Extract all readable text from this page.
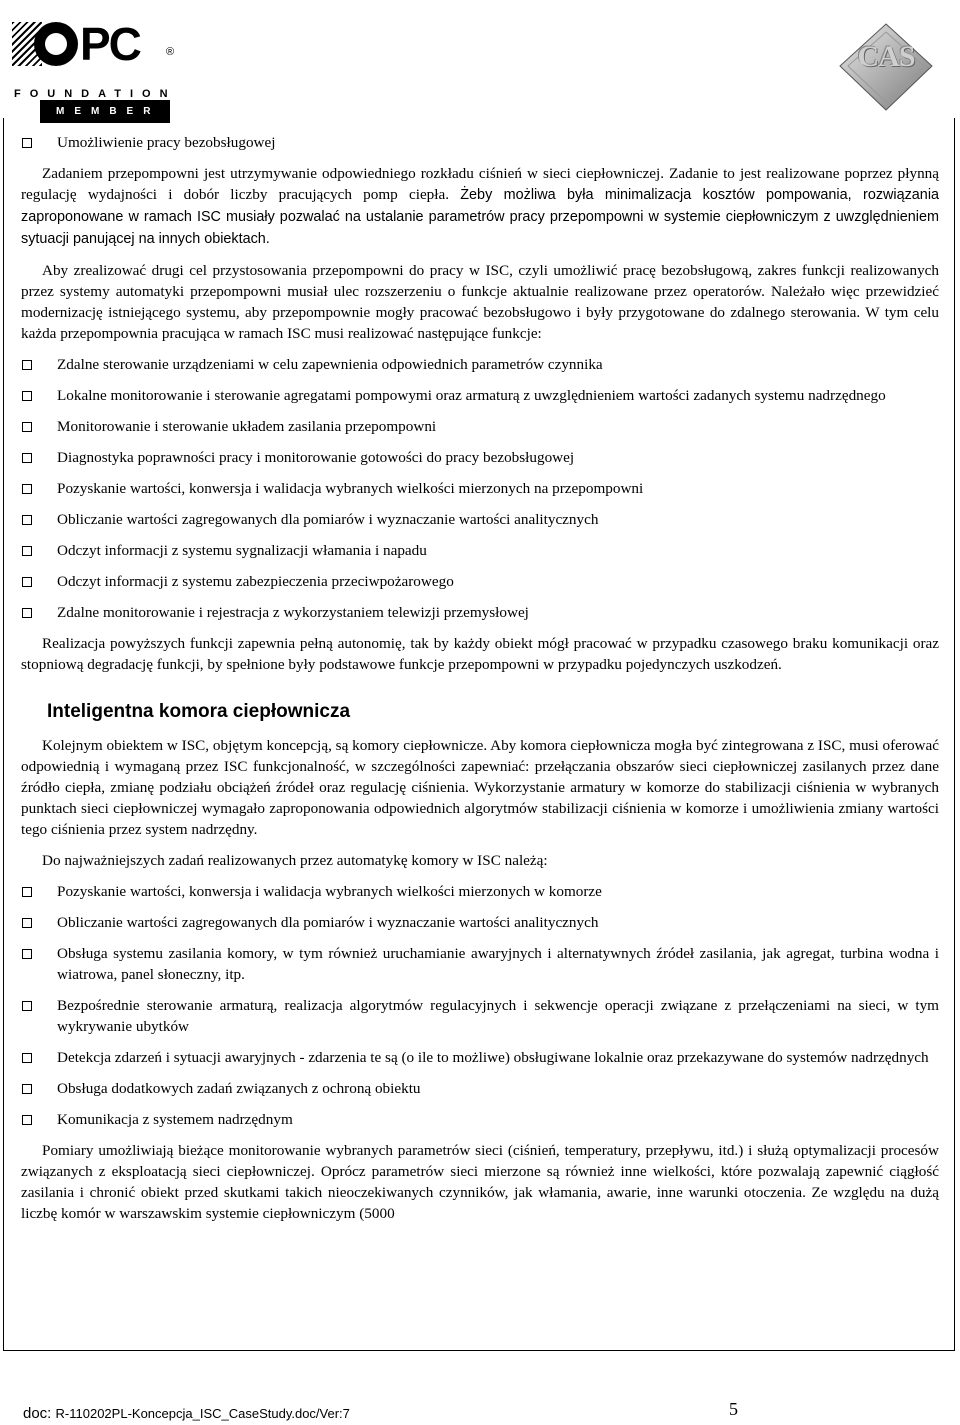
PC ®
FOUNDATION
MEMBER
CAS

Umożliwienie pracy bezobsługowej

Zadaniem przepompowni jest utrzymywanie odpowiedniego rozkładu ciśnień w sieci ciepłowniczej. Zadanie to jest realizowane poprzez płynną regulację wydajności i dobór liczby pracujących pomp ciepła. Żeby możliwa była minimalizacja kosztów pompowania, rozwiązania zaproponowane w ramach ISC musiały pozwalać na ustalanie parametrów pracy przepompowni w systemie ciepłowniczym z uwzględnieniem sytuacji panującej na innych obiektach.

Aby zrealizować drugi cel przystosowania przepompowni do pracy w ISC, czyli umożliwić pracę bezobsługową, zakres funkcji realizowanych przez systemy automatyki przepompowni musiał ulec rozszerzeniu o funkcje aktualnie realizowane przez operatorów. Należało więc przewidzieć modernizację istniejącego systemu, aby przepompownie mogły pracować bezobsługowo i były przygotowane do zdalnego sterowania. W tym celu każda przepompownia pracująca w ramach ISC musi realizować następujące funkcje:

Zdalne sterowanie urządzeniami w celu zapewnienia odpowiednich parametrów czynnika

Lokalne monitorowanie i sterowanie agregatami pompowymi oraz armaturą z uwzględnieniem wartości zadanych systemu nadrzędnego

Monitorowanie i sterowanie układem zasilania przepompowni

Diagnostyka poprawności pracy i monitorowanie gotowości do pracy bezobsługowej

Pozyskanie wartości, konwersja i walidacja wybranych wielkości mierzonych na przepompowni

Obliczanie wartości zagregowanych dla pomiarów i wyznaczanie wartości analitycznych

Odczyt informacji z systemu sygnalizacji włamania i napadu

Odczyt informacji z systemu zabezpieczenia przeciwpożarowego

Zdalne monitorowanie i rejestracja z wykorzystaniem telewizji przemysłowej

Realizacja powyższych funkcji zapewnia pełną autonomię, tak by każdy obiekt mógł pracować w przypadku czasowego braku komunikacji oraz stopniową degradację funkcji, by spełnione były podstawowe funkcje przepompowni w przypadku pojedynczych uszkodzeń.

Inteligentna komora ciepłownicza

Kolejnym obiektem w ISC, objętym koncepcją, są komory ciepłownicze. Aby komora ciepłownicza mogła być zintegrowana z ISC, musi oferować odpowiednią i wymaganą przez ISC funkcjonalność, w szczególności zapewniać: przełączania obszarów sieci ciepłowniczej zasilanych przez dane źródło ciepła, zmianę podziału obciążeń źródeł oraz regulację ciśnienia. Wykorzystanie armatury w komorze do stabilizacji ciśnienia w wybranych punktach sieci ciepłowniczej wymagało zaproponowania odpowiednich algorytmów stabilizacji ciśnienia w komorze i umożliwienia zmiany wartości tego ciśnienia przez system nadrzędny.

Do najważniejszych zadań realizowanych przez automatykę komory w ISC należą:

Pozyskanie wartości, konwersja i walidacja wybranych wielkości mierzonych w komorze

Obliczanie wartości zagregowanych dla pomiarów i wyznaczanie wartości analitycznych

Obsługa systemu zasilania komory, w tym również uruchamianie awaryjnych i alternatywnych źródeł zasilania, jak agregat, turbina wodna i wiatrowa, panel słoneczny, itp.

Bezpośrednie sterowanie armaturą, realizacja algorytmów regulacyjnych i sekwencje operacji związane z przełączeniami na sieci, w tym wykrywanie ubytków

Detekcja zdarzeń i sytuacji awaryjnych - zdarzenia te są (o ile to możliwe) obsługiwane lokalnie oraz przekazywane do systemów nadrzędnych

Obsługa dodatkowych zadań związanych z ochroną obiektu

Komunikacja z systemem nadrzędnym

Pomiary umożliwiają bieżące monitorowanie wybranych parametrów sieci (ciśnień, temperatury, przepływu, itd.) i służą optymalizacji procesów związanych z eksploatacją sieci ciepłowniczej. Oprócz parametrów sieci mierzone są również inne wielkości, które pozwalają zapewnić ciągłość zasilania i chronić obiekt przed skutkami takich nieoczekiwanych czynników, jak włamania, awarie, inne warunki otoczenia. Ze względu na dużą liczbę komór w warszawskim systemie ciepłowniczym (5000

doc: R-110202PL-Koncepcja_ISC_CaseStudy.doc/Ver:7	5
